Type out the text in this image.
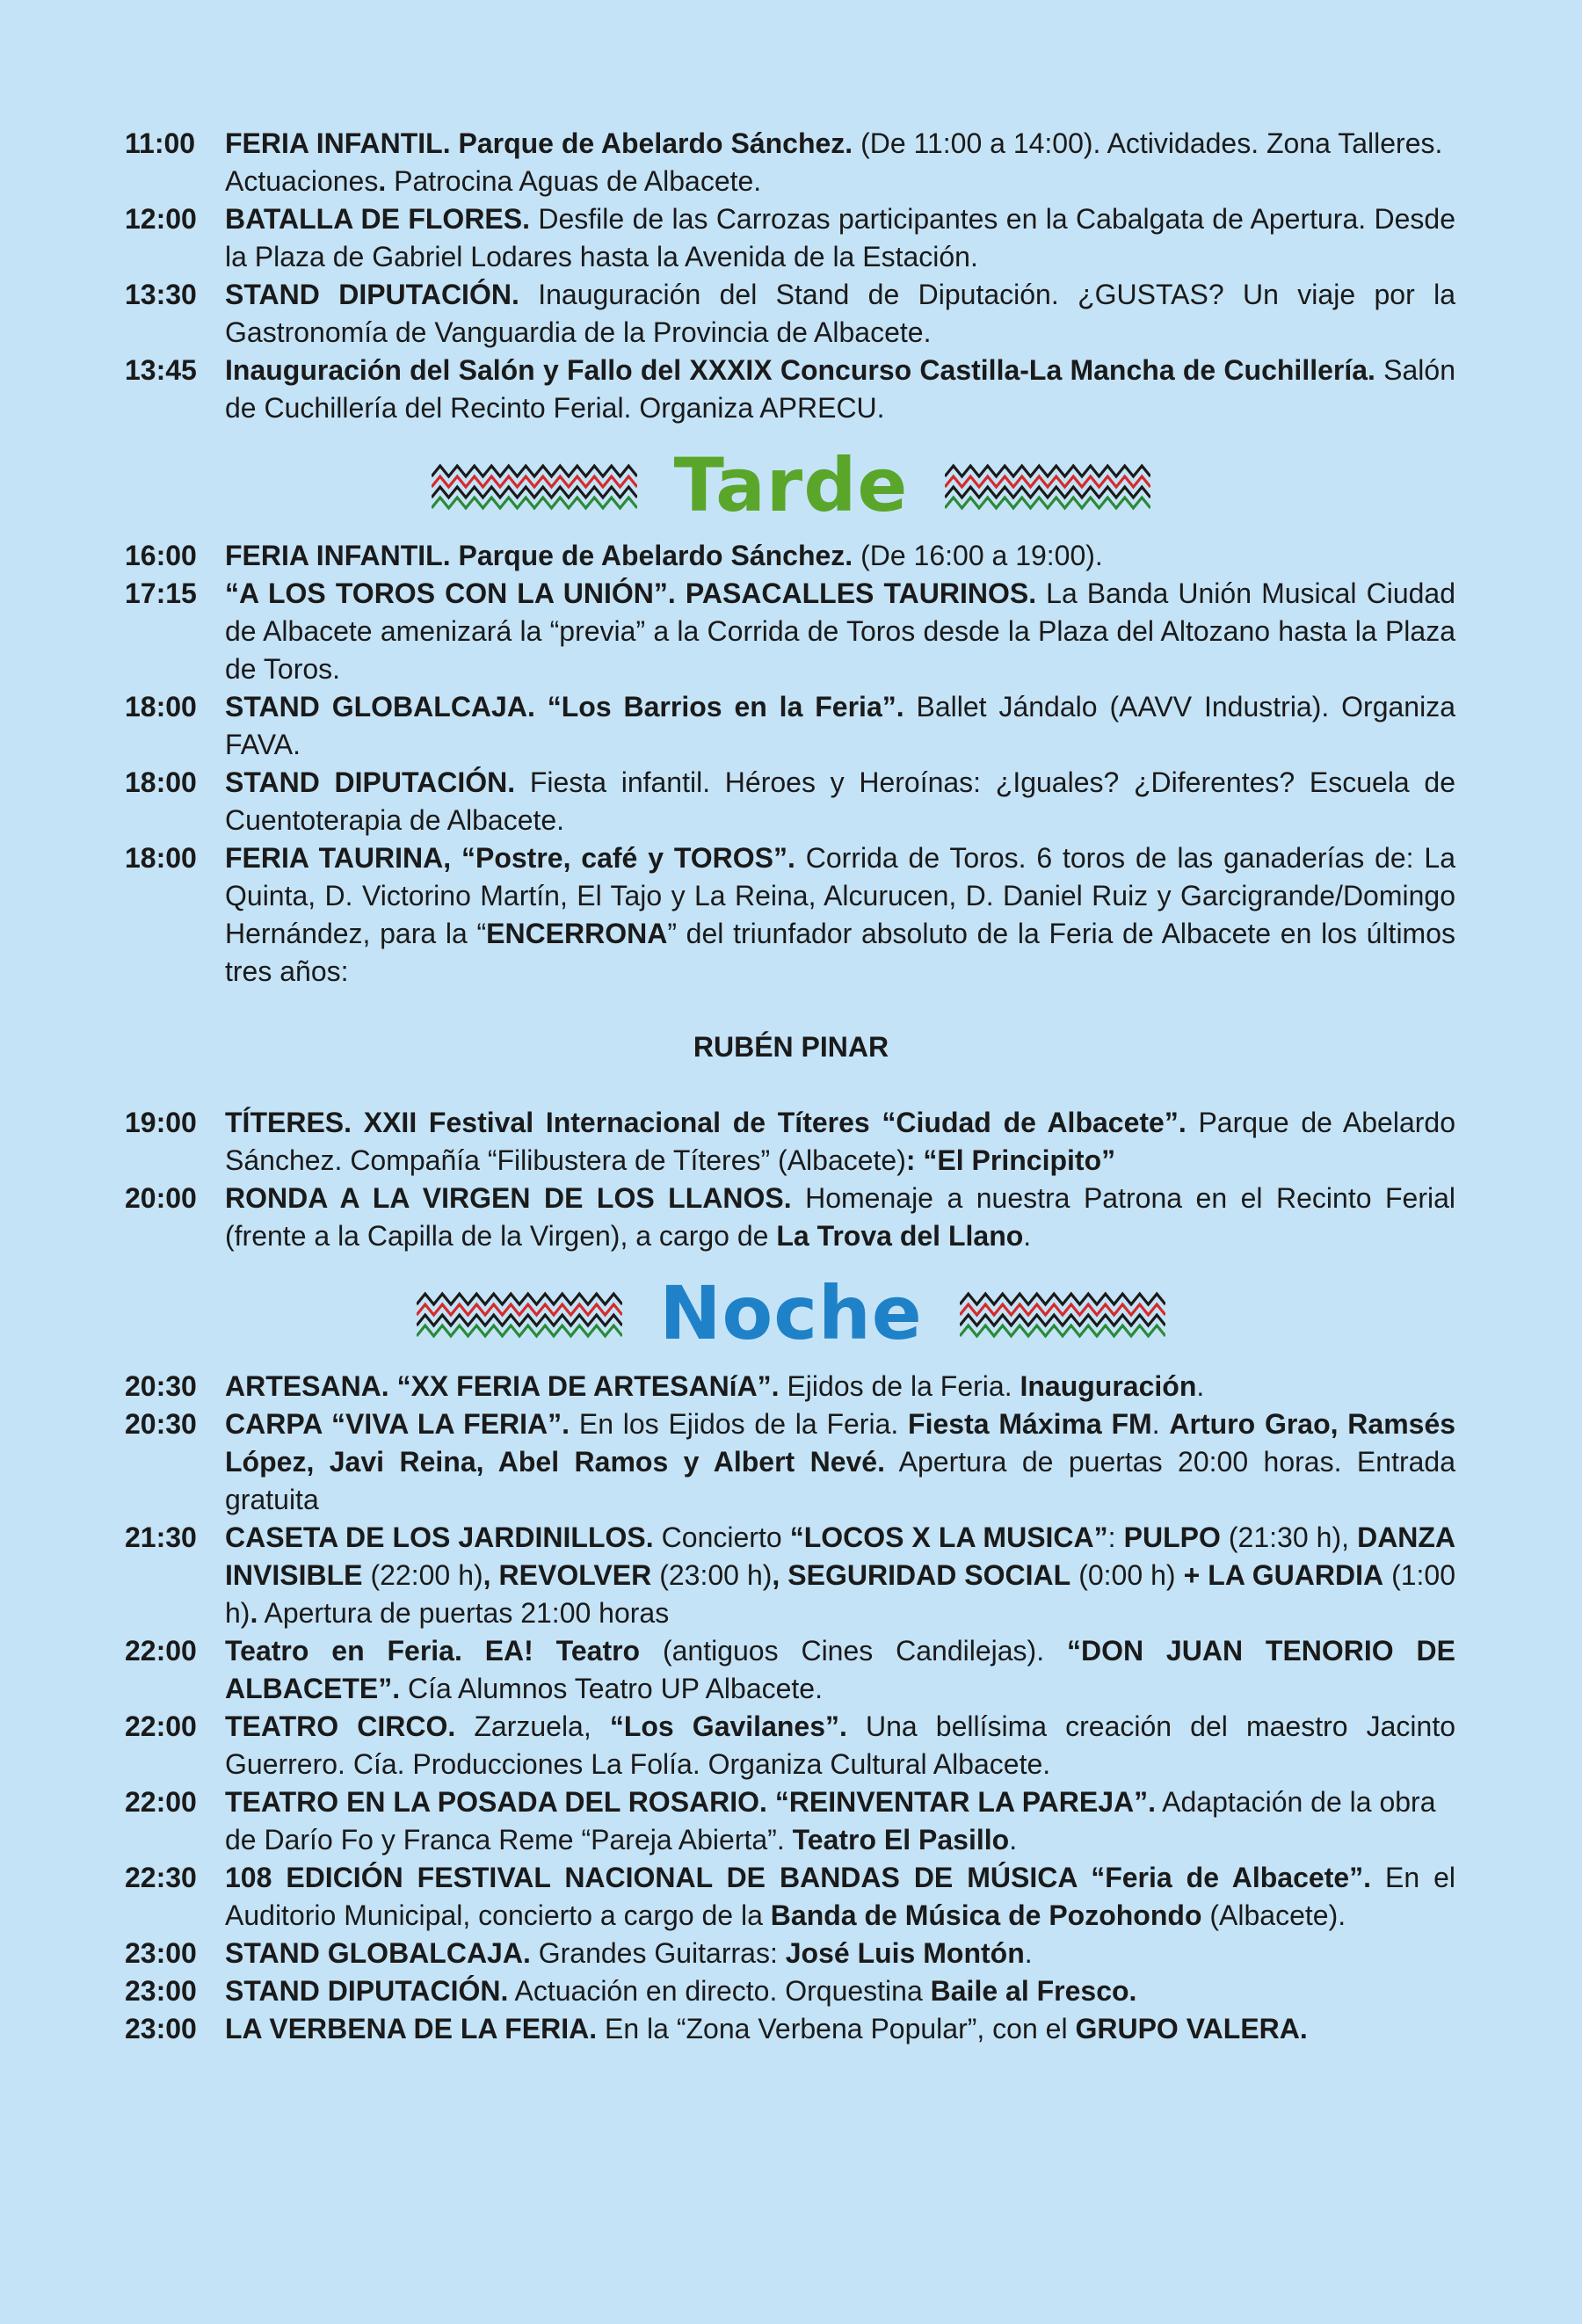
11:00 FERIA INFANTIL. Parque de Abelardo Sánchez. (De 11:00 a 14:00). Actividades. Zona Talleres. Actuaciones. Patrocina Aguas de Albacete.
12:00 BATALLA DE FLORES. Desfile de las Carrozas participantes en la Cabalgata de Apertura. Desde la Plaza de Gabriel Lodares hasta la Avenida de la Estación.
13:30 STAND DIPUTACIÓN. Inauguración del Stand de Diputación. ¿GUSTAS? Un viaje por la Gastronomía de Vanguardia de la Provincia de Albacete.
13:45 Inauguración del Salón y Fallo del XXXIX Concurso Castilla-La Mancha de Cuchillería. Salón de Cuchillería del Recinto Ferial. Organiza APRECU.
Tarde
16:00 FERIA INFANTIL. Parque de Abelardo Sánchez. (De 16:00 a 19:00).
17:15 “A LOS TOROS CON LA UNIÓN”. PASACALLES TAURINOS. La Banda Unión Musical Ciudad de Albacete amenizará la “previa” a la Corrida de Toros desde la Plaza del Altozano hasta la Plaza de Toros.
18:00 STAND GLOBALCAJA. “Los Barrios en la Feria”. Ballet Jándalo (AAVV Industria). Organiza FAVA.
18:00 STAND DIPUTACIÓN. Fiesta infantil. Héroes y Heroínas: ¿Iguales? ¿Diferentes? Escuela de Cuentoterapia de Albacete.
18:00 FERIA TAURINA, “Postre, café y TOROS”. Corrida de Toros. 6 toros de las ganaderías de: La Quinta, D. Victorino Martín, El Tajo y La Reina, Alcurucen, D. Daniel Ruiz y Garcigrande/Domingo Hernández, para la “ENCERRONA” del triunfador absoluto de la Feria de Albacete en los últimos tres años:
RUBÉN PINAR
19:00 TÍTERES. XXII Festival Internacional de Títeres “Ciudad de Albacete”. Parque de Abelardo Sánchez. Compañía “Filibustera de Títeres” (Albacete): “El Principito”
20:00 RONDA A LA VIRGEN DE LOS LLANOS. Homenaje a nuestra Patrona en el Recinto Ferial (frente a la Capilla de la Virgen), a cargo de La Trova del Llano.
Noche
20:30 ARTESANA. “XX FERIA DE ARTESANíA”. Ejidos de la Feria. Inauguración.
20:30 CARPA “VIVA LA FERIA”. En los Ejidos de la Feria. Fiesta Máxima FM. Arturo Grao, Ramsés López, Javi Reina, Abel Ramos y Albert Nevé. Apertura de puertas 20:00 horas. Entrada gratuita
21:30 CASETA DE LOS JARDINILLOS. Concierto “LOCOS X LA MUSICA”: PULPO (21:30 h), DANZA INVISIBLE (22:00 h), REVOLVER (23:00 h), SEGURIDAD SOCIAL (0:00 h) + LA GUARDIA (1:00 h). Apertura de puertas 21:00 horas
22:00 Teatro en Feria. EA! Teatro (antiguos Cines Candilejas). “DON JUAN TENORIO DE ALBACETE”. Cía Alumnos Teatro UP Albacete.
22:00 TEATRO CIRCO. Zarzuela, “Los Gavilanes”. Una bellísima creación del maestro Jacinto Guerrero. Cía. Producciones La Folía. Organiza Cultural Albacete.
22:00 TEATRO EN LA POSADA DEL ROSARIO. “REINVENTAR LA PAREJA”. Adaptación de la obra de Darío Fo y Franca Reme “Pareja Abierta”. Teatro El Pasillo.
22:30 108 EDICIÓN FESTIVAL NACIONAL DE BANDAS DE MÚSICA “Feria de Albacete”. En el Auditorio Municipal, concierto a cargo de la Banda de Música de Pozohondo (Albacete).
23:00 STAND GLOBALCAJA. Grandes Guitarras: José Luis Montón.
23:00 STAND DIPUTACIÓN. Actuación en directo. Orquestina Baile al Fresco.
23:00 LA VERBENA DE LA FERIA. En la “Zona Verbena Popular”, con el GRUPO VALERA.
